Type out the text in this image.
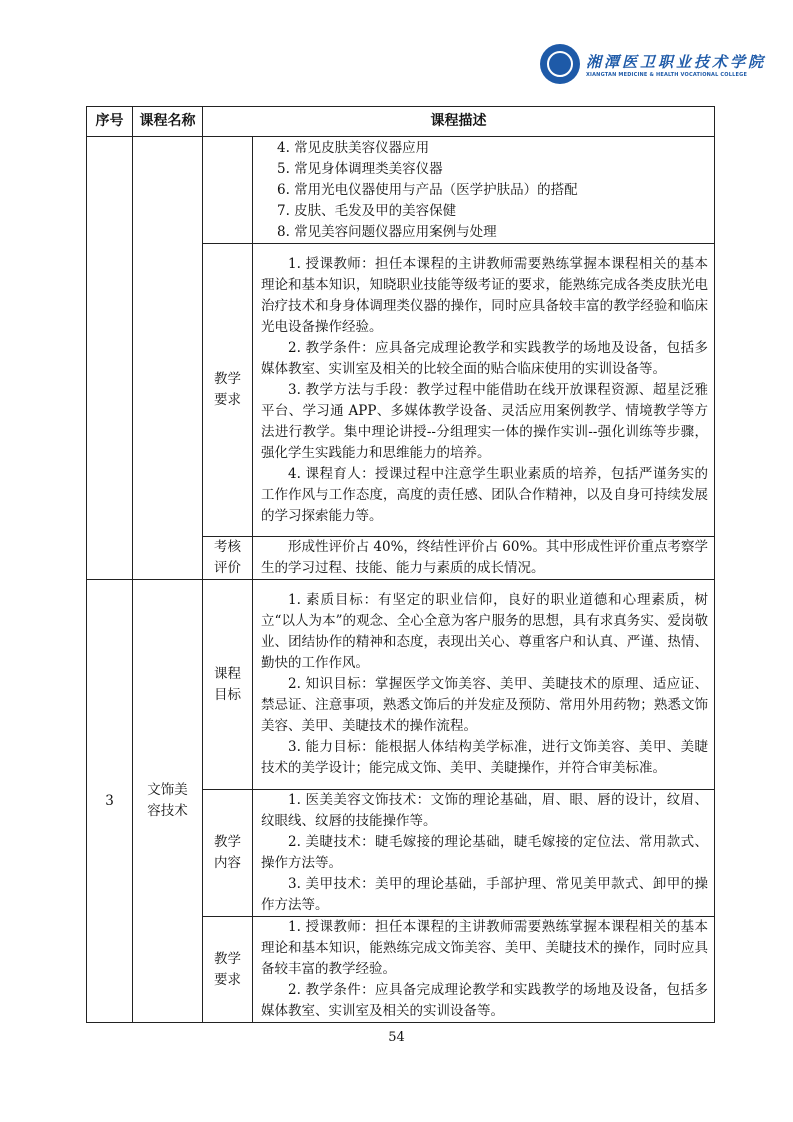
湘潭医卫职业技术学院
XIANGTAN MEDICINE & HEALTH VOCATIONAL COLLEGE
序号	课程名称	课程描述	

			4. 常见皮肤美容仪器应用

5. 常见身体调理类美容仪器

6. 常用光电仪器使用与产品（医学护肤品）的搭配

7. 皮肤、毛发及甲的美容保健

8. 常见美容问题仪器应用案例与处理

		教学要求	1. 授课教师：担任本课程的主讲教师需要熟练掌握本课程相关的基本理论和基本知识，知晓职业技能等级考证的要求，能熟练完成各类皮肤光电治疗技术和身身体调理类仪器的操作，同时应具备较丰富的教学经验和临床光电设备操作经验。

2. 教学条件：应具备完成理论教学和实践教学的场地及设备，包括多媒体教室、实训室及相关的比较全面的贴合临床使用的实训设备等。

3. 教学方法与手段：教学过程中能借助在线开放课程资源、超星泛雅平台、学习通 APP、多媒体教学设备、灵活应用案例教学、情境教学等方法进行教学。集中理论讲授--分组理实一体的操作实训--强化训练等步骤，强化学生实践能力和思维能力的培养。

4. 课程育人：授课过程中注意学生职业素质的培养，包括严谨务实的工作作风与工作态度，高度的责任感、团队合作精神，以及自身可持续发展的学习探索能力等。

		考核评价	形成性评价占 40%，终结性评价占 60%。其中形成性评价重点考察学生的学习过程、技能、能力与素质的成长情况。

3	文饰美容技术	课程目标	1. 素质目标：有坚定的职业信仰，良好的职业道德和心理素质，树立“以人为本”的观念、全心全意为客户服务的思想，具有求真务实、爱岗敬业、团结协作的精神和态度，表现出关心、尊重客户和认真、严谨、热情、勤快的工作作风。

2. 知识目标：掌握医学文饰美容、美甲、美睫技术的原理、适应证、禁忌证、注意事项，熟悉文饰后的并发症及预防、常用外用药物；熟悉文饰美容、美甲、美睫技术的操作流程。

3. 能力目标：能根据人体结构美学标准，进行文饰美容、美甲、美睫技术的美学设计；能完成文饰、美甲、美睫操作，并符合审美标准。

		教学内容	1. 医美美容文饰技术：文饰的理论基础，眉、眼、唇的设计，纹眉、纹眼线、纹唇的技能操作等。

2. 美睫技术：睫毛嫁接的理论基础，睫毛嫁接的定位法、常用款式、操作方法等。

3. 美甲技术：美甲的理论基础，手部护理、常见美甲款式、卸甲的操作方法等。

		教学要求	1. 授课教师：担任本课程的主讲教师需要熟练掌握本课程相关的基本理论和基本知识，能熟练完成文饰美容、美甲、美睫技术的操作，同时应具备较丰富的教学经验。

2. 教学条件：应具备完成理论教学和实践教学的场地及设备，包括多媒体教室、实训室及相关的实训设备等。

54
